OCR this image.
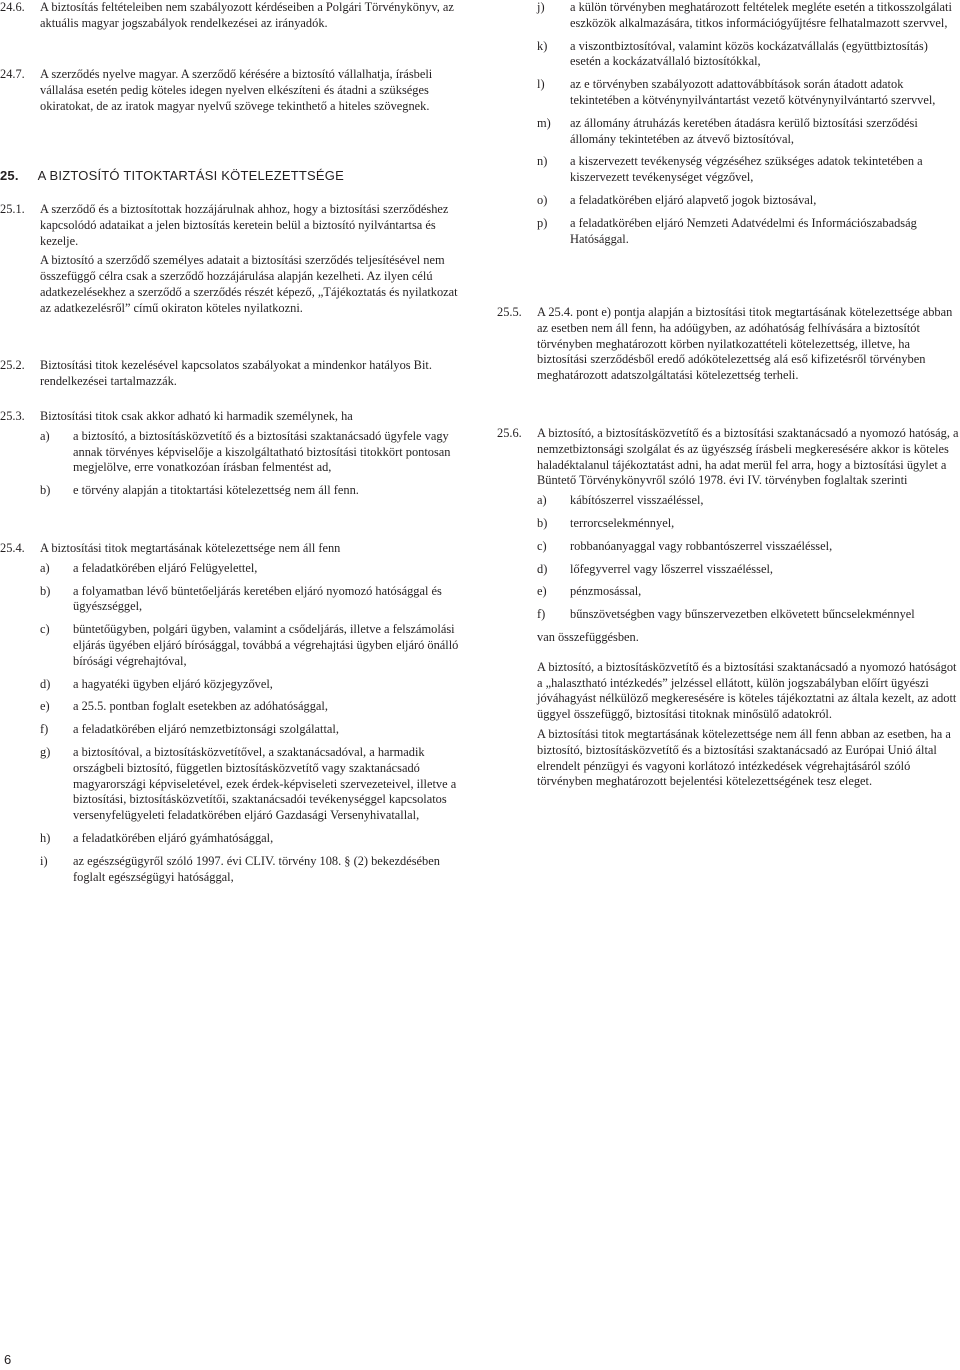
24.6. A biztosítás feltételeiben nem szabályozott kérdéseiben a Polgári Törvénykönyv, az aktuális magyar jogszabályok rendelkezései az irányadók.

24.7. A szerződés nyelve magyar. A szerződő kérésére a biztosító vállalhatja, írásbeli vállalása esetén pedig köteles idegen nyelven elkészíteni és átadni a szükséges okiratokat, de az iratok magyar nyelvű szövege tekinthető a hiteles szövegnek.

25. A BIZTOSÍTÓ TITOKTARTÁSI KÖTELEZETTSÉGE
25.1. A szerződő és a biztosítottak hozzájárulnak ahhoz, hogy a biztosítási szerződéshez kapcsolódó adataikat a jelen biztosítás keretein belül a biztosító nyilvántartsa és kezelje.

A biztosító a szerződő személyes adatait a biztosítási szerződés teljesítésével nem összefüggő célra csak a szerződő hozzájárulása alapján kezelheti. Az ilyen célú adatkezelésekhez a szerződő a szerződés részét képező, „Tájékoztatás és nyilatkozat az adatkezelésről” című okiraton köteles nyilatkozni.

25.2. Biztosítási titok kezelésével kapcsolatos szabályokat a mindenkor hatályos Bit. rendelkezései tartalmazzák.

25.3. Biztosítási titok csak akkor adható ki harmadik személynek, ha

a) a biztosító, a biztosításközvetítő és a biztosítási szaktanácsadó ügyfele vagy annak törvényes képviselője a kiszolgáltatható biztosítási titokkört pontosan megjelölve, erre vonatkozóan írásban felmentést ad,
b) e törvény alapján a titoktartási kötelezettség nem áll fenn.
25.4. A biztosítási titok megtartásának kötelezettsége nem áll fenn

a) a feladatkörében eljáró Felügyelettel,
b) a folyamatban lévő büntetőeljárás keretében eljáró nyomozó hatósággal és ügyészséggel,
c) büntetőügyben, polgári ügyben, valamint a csődeljárás, illetve a felszámolási eljárás ügyében eljáró bírósággal, továbbá a végrehajtási ügyben eljáró önálló bírósági végrehajtóval,
d) a hagyatéki ügyben eljáró közjegyzővel,
e) a 25.5. pontban foglalt esetekben az adóhatósággal,
f) a feladatkörében eljáró nemzetbiztonsági szolgálattal,
g) a biztosítóval, a biztosításközvetítővel, a szaktanácsadóval, a harmadik országbeli biztosító, független biztosításközvetítő vagy szaktanácsadó magyarországi képviseletével, ezek érdek-képviseleti szervezeteivel, illetve a biztosítási, biztosításközvetítői, szaktanácsadói tevékenységgel kapcsolatos versenyfelügyeleti feladatkörében eljáró Gazdasági Versenyhivatallal,
h) a feladatkörében eljáró gyámhatósággal,
i) az egészségügyről szóló 1997. évi CLIV. törvény 108. § (2) bekezdésében foglalt egészségügyi hatósággal,
j) a külön törvényben meghatározott feltételek megléte esetén a titkosszolgálati eszközök alkalmazására, titkos információgyűjtésre felhatalmazott szervvel,
k) a viszontbiztosítóval, valamint közös kockázatvállalás (együttbiztosítás) esetén a kockázatvállaló biztosítókkal,
l) az e törvényben szabályozott adattovábbítások során átadott adatok tekintetében a kötvénynyilvántartást vezető kötvénynyilvántartó szervvel,
m) az állomány átruházás keretében átadásra kerülő biztosítási szerződési állomány tekintetében az átvevő biztosítóval,
n) a kiszervezett tevékenység végzéséhez szükséges adatok tekintetében a kiszervezett tevékenységet végzővel,
o) a feladatkörében eljáró alapvető jogok biztosával,
p) a feladatkörében eljáró Nemzeti Adatvédelmi és Információszabadság Hatósággal.
25.5. A 25.4. pont e) pontja alapján a biztosítási titok megtartásának kötelezettsége abban az esetben nem áll fenn, ha adóügyben, az adóhatóság felhívására a biztosítót törvényben meghatározott körben nyilatkozattételi kötelezettség, illetve, ha biztosítási szerződésből eredő adókötelezettség alá eső kifizetésről törvényben meghatározott adatszolgáltatási kötelezettség terheli.

25.6. A biztosító, a biztosításközvetítő és a biztosítási szaktanácsadó a nyomozó hatóság, a nemzetbiztonsági szolgálat és az ügyészség írásbeli megkeresésére akkor is köteles haladéktalanul tájékoztatást adni, ha adat merül fel arra, hogy a biztosítási ügylet a Büntető Törvénykönyvről szóló 1978. évi IV. törvényben foglaltak szerinti

a) kábítószerrel visszaéléssel,
b) terrorcselekménnyel,
c) robbanóanyaggal vagy robbantószerrel visszaéléssel,
d) lőfegyverrel vagy lőszerrel visszaéléssel,
e) pénzmosással,
f) bűnszövetségben vagy bűnszervezetben elkövetett bűncselekménnyel

van összefüggésben.

A biztosító, a biztosításközvetítő és a biztosítási szaktanácsadó a nyomozó hatóságot a „halasztható intézkedés” jelzéssel ellátott, külön jogszabályban előírt ügyészi jóváhagyást nélkülöző megkeresésére is köteles tájékoztatni az általa kezelt, az adott üggyel összefüggő, biztosítási titoknak minősülő adatokról.

A biztosítási titok megtartásának kötelezettsége nem áll fenn abban az esetben, ha a biztosító, biztosításközvetítő és a biztosítási szaktanácsadó az Európai Unió által elrendelt pénzügyi és vagyoni korlátozó intézkedések végrehajtásáról szóló törvényben meghatározott bejelentési kötelezettségének tesz eleget.

6
